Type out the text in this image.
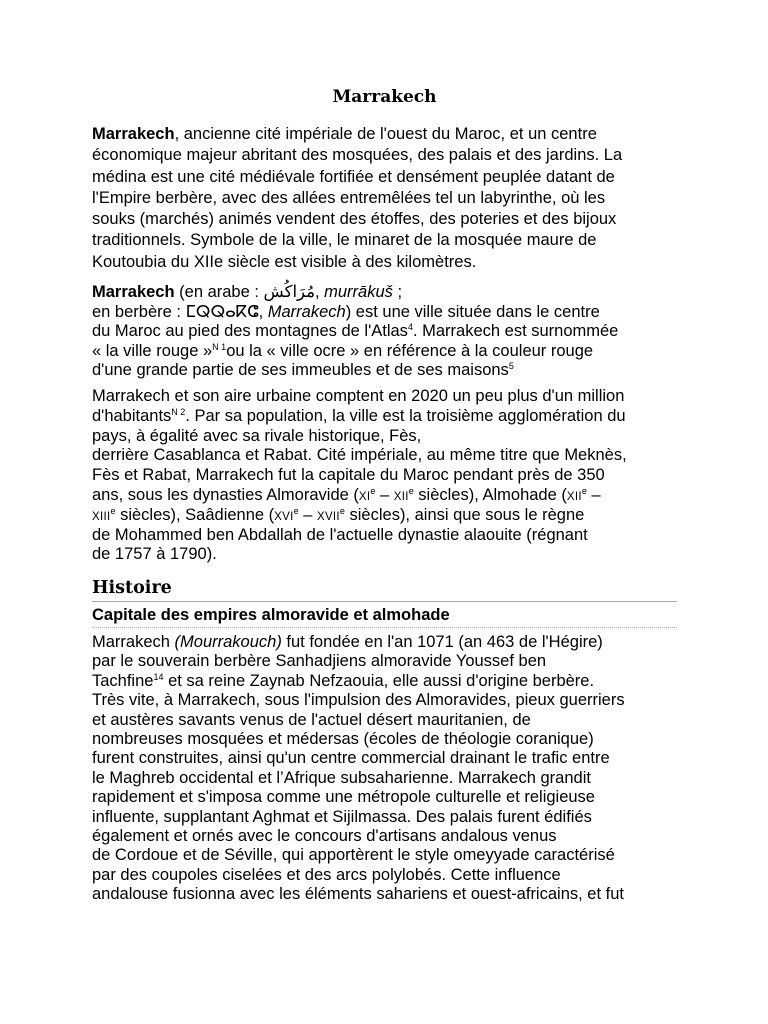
Marrakech
Marrakech, ancienne cité impériale de l'ouest du Maroc, et un centre
économique majeur abritant des mosquées, des palais et des jardins. La
médina est une cité médiévale fortifiée et densément peuplée datant de
l'Empire berbère, avec des allées entremêlées tel un labyrinthe, où les
souks (marchés) animés vendent des étoffes, des poteries et des bijoux
traditionnels. Symbole de la ville, le minaret de la mosquée maure de
Koutoubia du XIIe siècle est visible à des kilomètres.
Marrakech (en arabe : مُرَاكُش, murrākuš ;
en berbère : ⵎⵕⵕⴰⴽⵛ, Marrakech) est une ville située dans le centre
du Maroc au pied des montagnes de l'Atlas$^4$. Marrakech est surnommée
« la ville rouge »$^{N 1}$ou la « ville ocre » en référence à la couleur rouge
d'une grande partie de ses immeubles et de ses maisons$^5$
Marrakech et son aire urbaine comptent en 2020 un peu plus d'un million
d'habitants$^{N 2}$. Par sa population, la ville est la troisième agglomération du
pays, à égalité avec sa rivale historique, Fès,
derrière Casablanca et Rabat. Cité impériale, au même titre que Meknès,
Fès et Rabat, Marrakech fut la capitale du Maroc pendant près de 350
ans, sous les dynasties Almoravide (XIe – XIIe siècles), Almohade (XIIe –
XIIIe siècles), Saâdienne (XVIe – XVIIe siècles), ainsi que sous le règne
de Mohammed ben Abdallah de l'actuelle dynastie alaouite (régnant
de 1757 à 1790).
Histoire
Capitale des empires almoravide et almohade
Marrakech (Mourrakouch) fut fondée en l'an 1071 (an 463 de l'Hégire)
par le souverain berbère Sanhadjiens almoravide Youssef ben
Tachfine$^{14}$ et sa reine Zaynab Nefzaouia, elle aussi d'origine berbère.
Très vite, à Marrakech, sous l'impulsion des Almoravides, pieux guerriers
et austères savants venus de l'actuel désert mauritanien, de
nombreuses mosquées et médersas (écoles de théologie coranique)
furent construites, ainsi qu'un centre commercial drainant le trafic entre
le Maghreb occidental et l’Afrique subsaharienne. Marrakech grandit
rapidement et s'imposa comme une métropole culturelle et religieuse
influente, supplantant Aghmat et Sijilmassa. Des palais furent édifiés
également et ornés avec le concours d'artisans andalous venus
de Cordoue et de Séville, qui apportèrent le style omeyyade caractérisé
par des coupoles ciselées et des arcs polylobés. Cette influence
andalouse fusionna avec les éléments sahariens et ouest-africains, et fut
